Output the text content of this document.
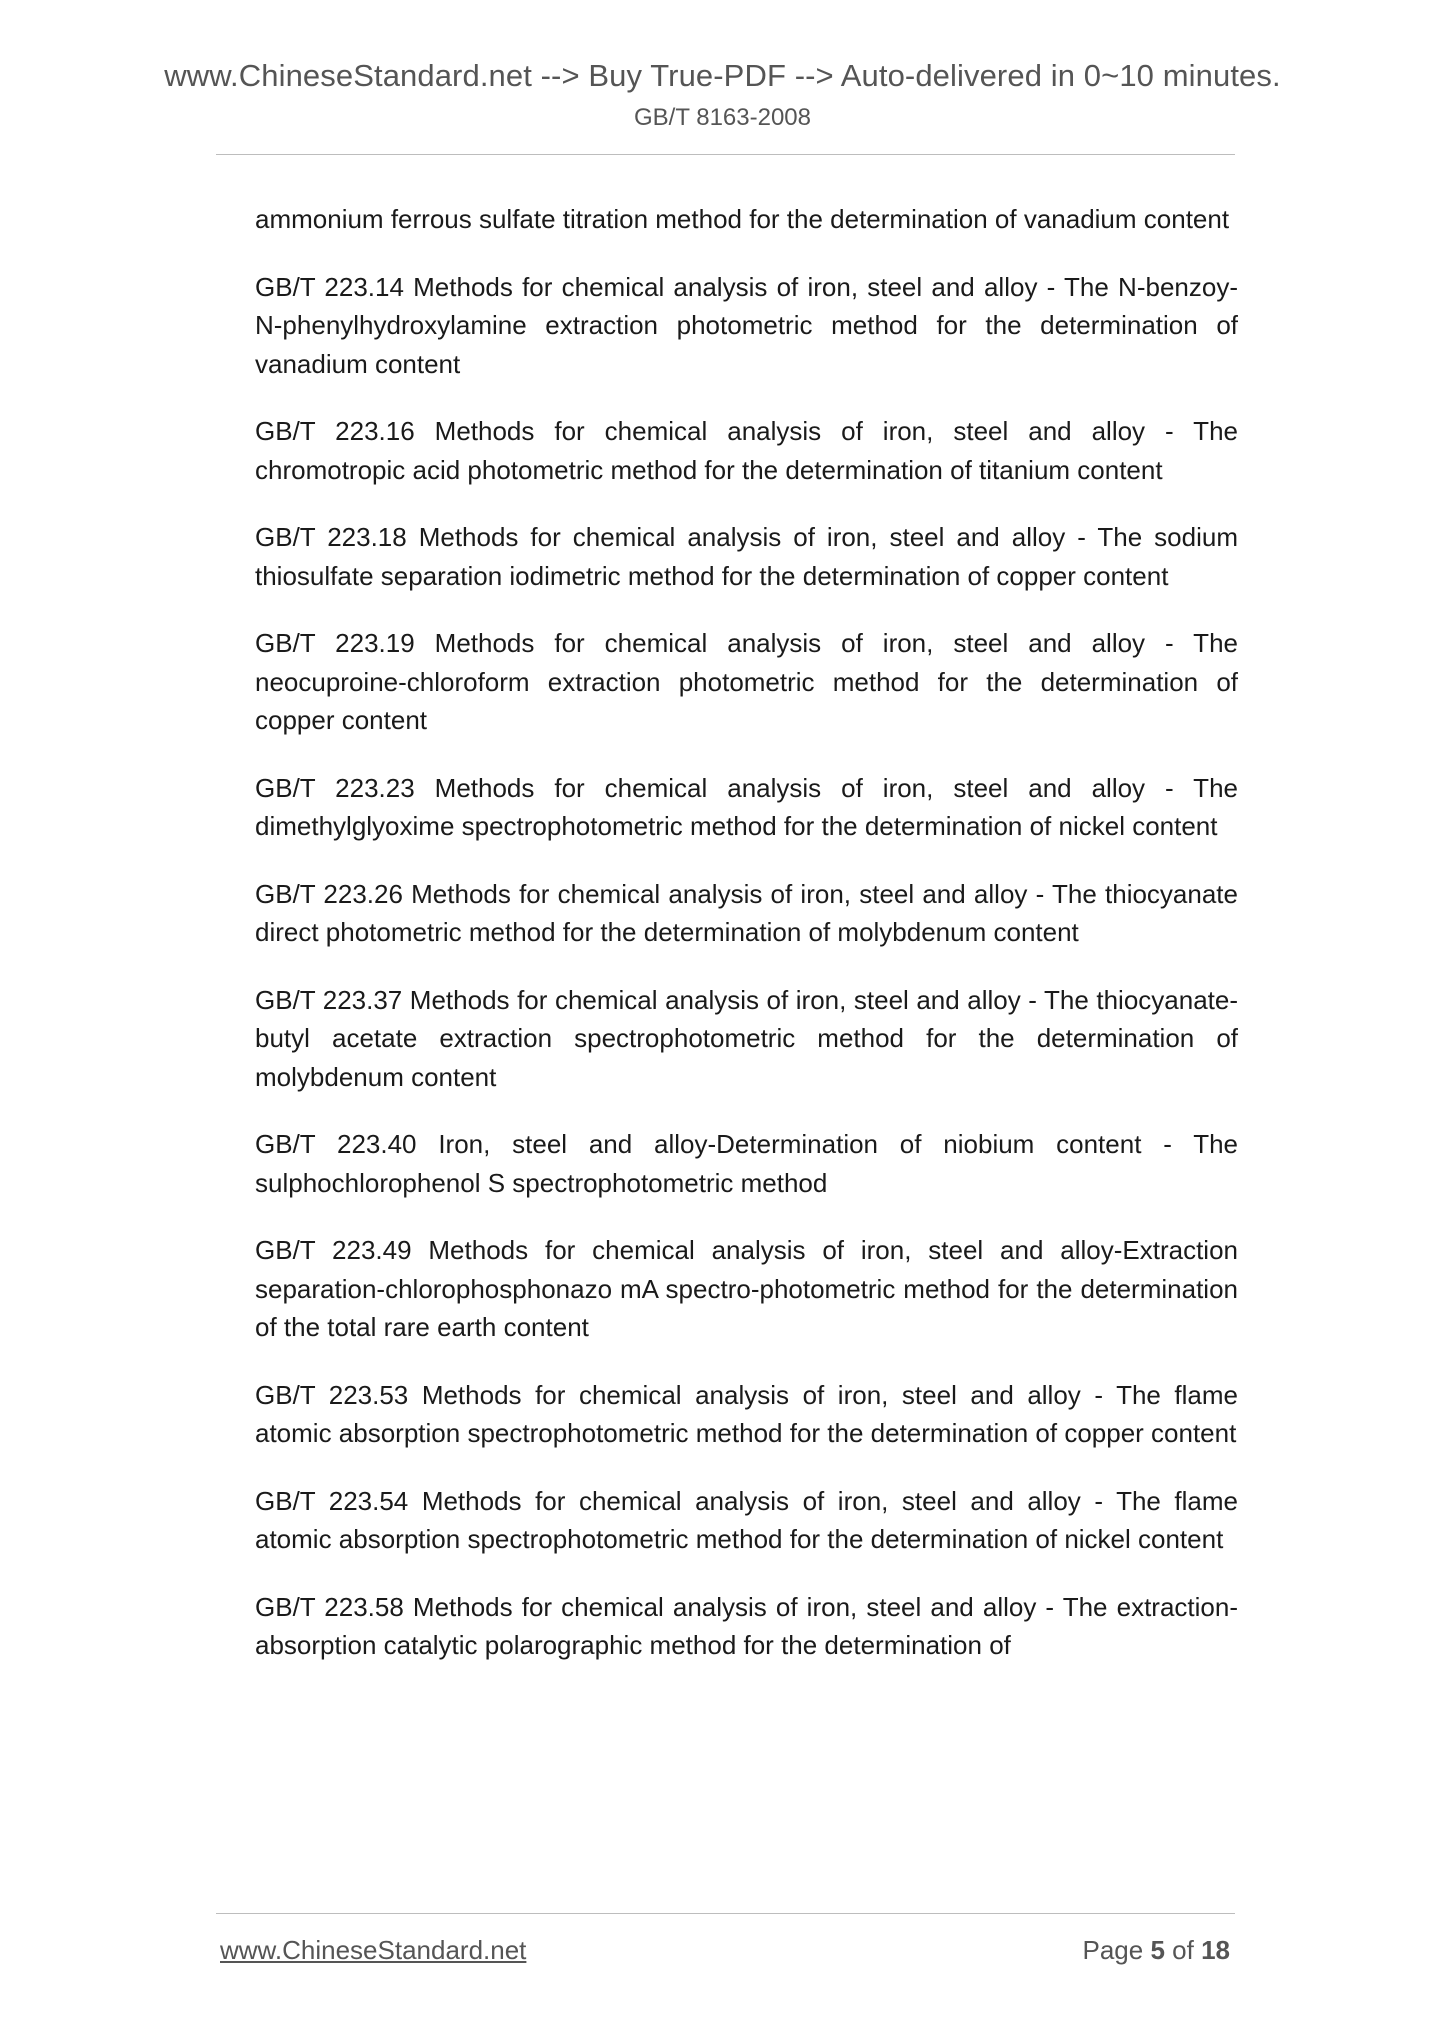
www.ChineseStandard.net --> Buy True-PDF --> Auto-delivered in 0~10 minutes.
GB/T 8163-2008

ammonium ferrous sulfate titration method for the determination of vanadium content

GB/T 223.14 Methods for chemical analysis of iron, steel and alloy - The N-benzoy-N-phenylhydroxylamine extraction photometric method for the determination of vanadium content

GB/T 223.16 Methods for chemical analysis of iron, steel and alloy - The chromotropic acid photometric method for the determination of titanium content

GB/T 223.18 Methods for chemical analysis of iron, steel and alloy - The sodium thiosulfate separation iodimetric method for the determination of copper content

GB/T 223.19 Methods for chemical analysis of iron, steel and alloy - The neocuproine-chloroform extraction photometric method for the determination of copper content

GB/T 223.23 Methods for chemical analysis of iron, steel and alloy - The dimethylglyoxime spectrophotometric method for the determination of nickel content

GB/T 223.26 Methods for chemical analysis of iron, steel and alloy - The thiocyanate direct photometric method for the determination of molybdenum content

GB/T 223.37 Methods for chemical analysis of iron, steel and alloy - The thiocyanate-butyl acetate extraction spectrophotometric method for the determination of molybdenum content

GB/T 223.40 Iron, steel and alloy-Determination of niobium content - The sulphochlorophenol S spectrophotometric method

GB/T 223.49 Methods for chemical analysis of iron, steel and alloy-Extraction separation-chlorophosphonazo mA spectro-photometric method for the determination of the total rare earth content

GB/T 223.53 Methods for chemical analysis of iron, steel and alloy - The flame atomic absorption spectrophotometric method for the determination of copper content

GB/T 223.54 Methods for chemical analysis of iron, steel and alloy - The flame atomic absorption spectrophotometric method for the determination of nickel content

GB/T 223.58 Methods for chemical analysis of iron, steel and alloy - The extraction-absorption catalytic polarographic method for the determination of

www.ChineseStandard.net	Page 5 of 18
